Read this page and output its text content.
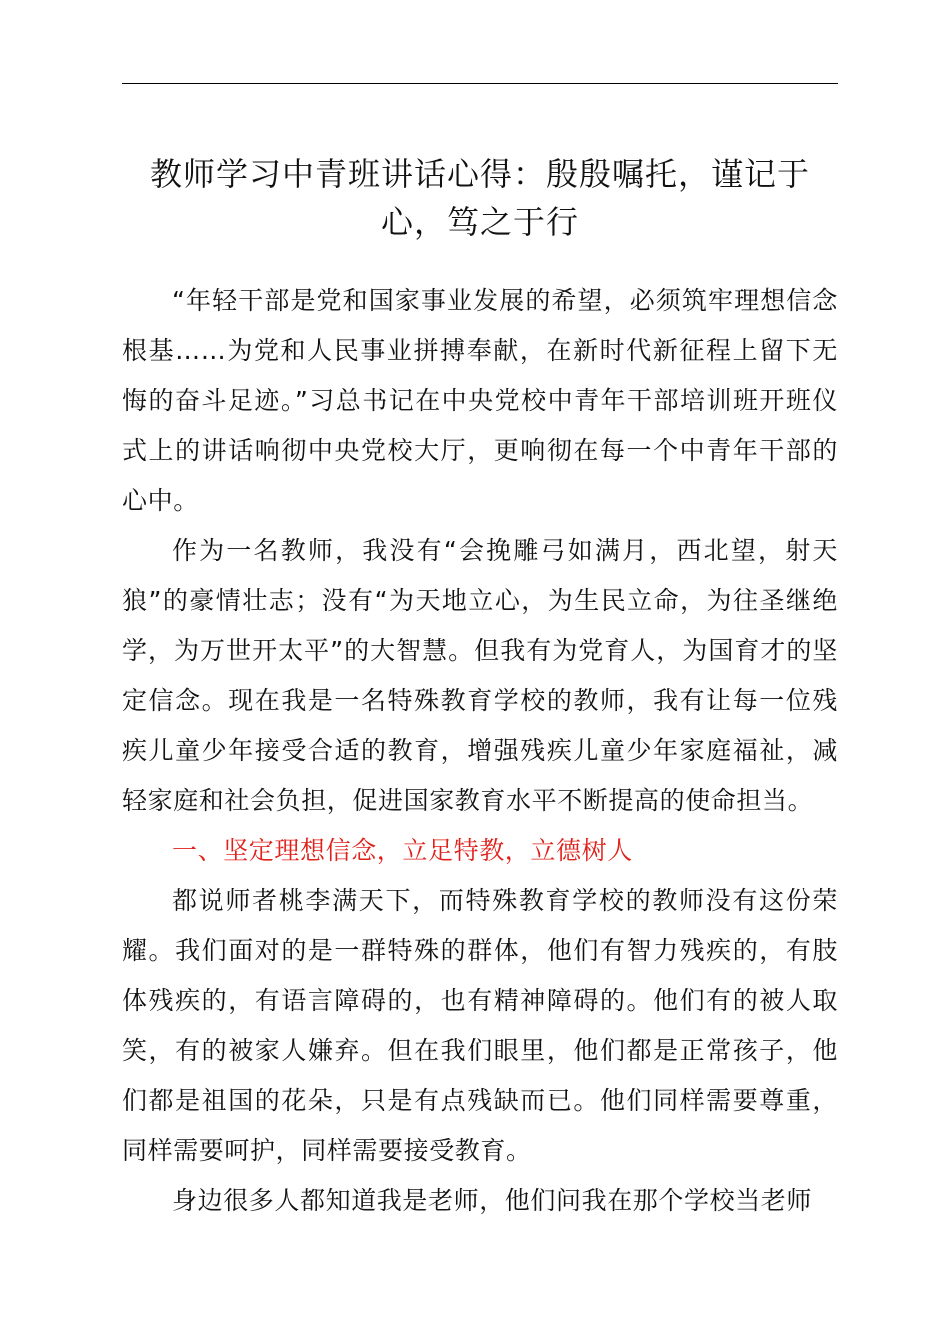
教师学习中青班讲话心得：殷殷嘱托，谨记于心，笃之于行

“年轻干部是党和国家事业发展的希望，必须筑牢理想信念根基……为党和人民事业拼搏奉献，在新时代新征程上留下无悔的奋斗足迹。”习总书记在中央党校中青年干部培训班开班仪式上的讲话响彻中央党校大厅，更响彻在每一个中青年干部的心中。

作为一名教师，我没有“会挽雕弓如满月，西北望，射天狼”的豪情壮志；没有“为天地立心，为生民立命，为往圣继绝学，为万世开太平”的大智慧。但我有为党育人，为国育才的坚定信念。现在我是一名特殊教育学校的教师，我有让每一位残疾儿童少年接受合适的教育，增强残疾儿童少年家庭福祉，减轻家庭和社会负担，促进国家教育水平不断提高的使命担当。

一、坚定理想信念，立足特教，立德树人

都说师者桃李满天下，而特殊教育学校的教师没有这份荣耀。我们面对的是一群特殊的群体，他们有智力残疾的，有肢体残疾的，有语言障碍的，也有精神障碍的。他们有的被人取笑，有的被家人嫌弃。但在我们眼里，他们都是正常孩子，他们都是祖国的花朵，只是有点残缺而已。他们同样需要尊重，同样需要呵护，同样需要接受教育。

身边很多人都知道我是老师，他们问我在那个学校当老师
